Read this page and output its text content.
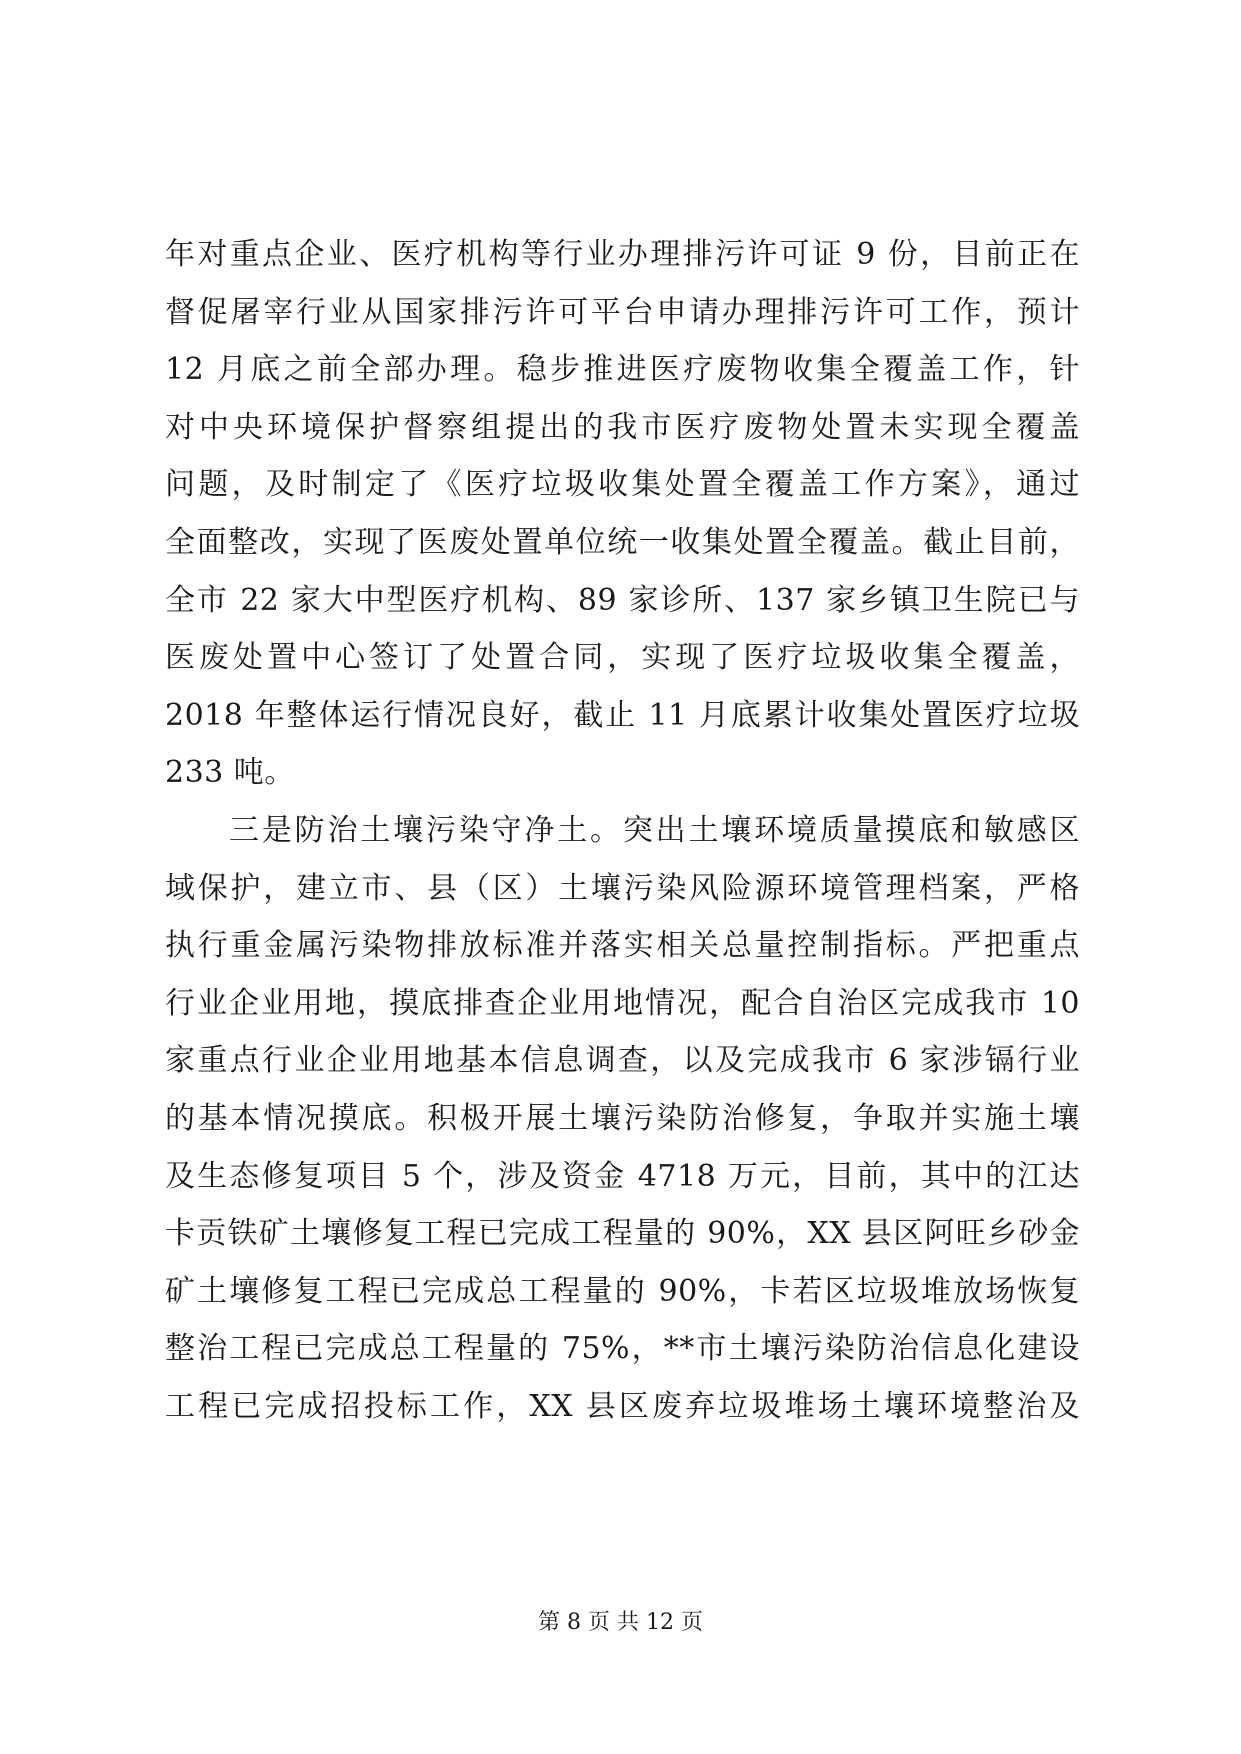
年对重点企业、医疗机构等行业办理排污许可证 9 份，目前正在
督促屠宰行业从国家排污许可平台申请办理排污许可工作，预计
12 月底之前全部办理。稳步推进医疗废物收集全覆盖工作，针
对中央环境保护督察组提出的我市医疗废物处置未实现全覆盖
问题，及时制定了《医疗垃圾收集处置全覆盖工作方案》，通过
全面整改，实现了医废处置单位统一收集处置全覆盖。截止目前，
全市 22 家大中型医疗机构、89 家诊所、137 家乡镇卫生院已与
医废处置中心签订了处置合同，实现了医疗垃圾收集全覆盖，
2018 年整体运行情况良好，截止 11 月底累计收集处置医疗垃圾
233 吨。
三是防治土壤污染守净土。突出土壤环境质量摸底和敏感区
域保护，建立市、县（区）土壤污染风险源环境管理档案，严格
执行重金属污染物排放标准并落实相关总量控制指标。严把重点
行业企业用地，摸底排查企业用地情况，配合自治区完成我市 10
家重点行业企业用地基本信息调查，以及完成我市 6 家涉镉行业
的基本情况摸底。积极开展土壤污染防治修复，争取并实施土壤
及生态修复项目 5 个，涉及资金 4718 万元，目前，其中的江达
卡贡铁矿土壤修复工程已完成工程量的 90%，XX 县区阿旺乡砂金
矿土壤修复工程已完成总工程量的 90%，卡若区垃圾堆放场恢复
整治工程已完成总工程量的 75%，**市土壤污染防治信息化建设
工程已完成招投标工作，XX 县区废弃垃圾堆场土壤环境整治及
第 8 页 共 12 页
